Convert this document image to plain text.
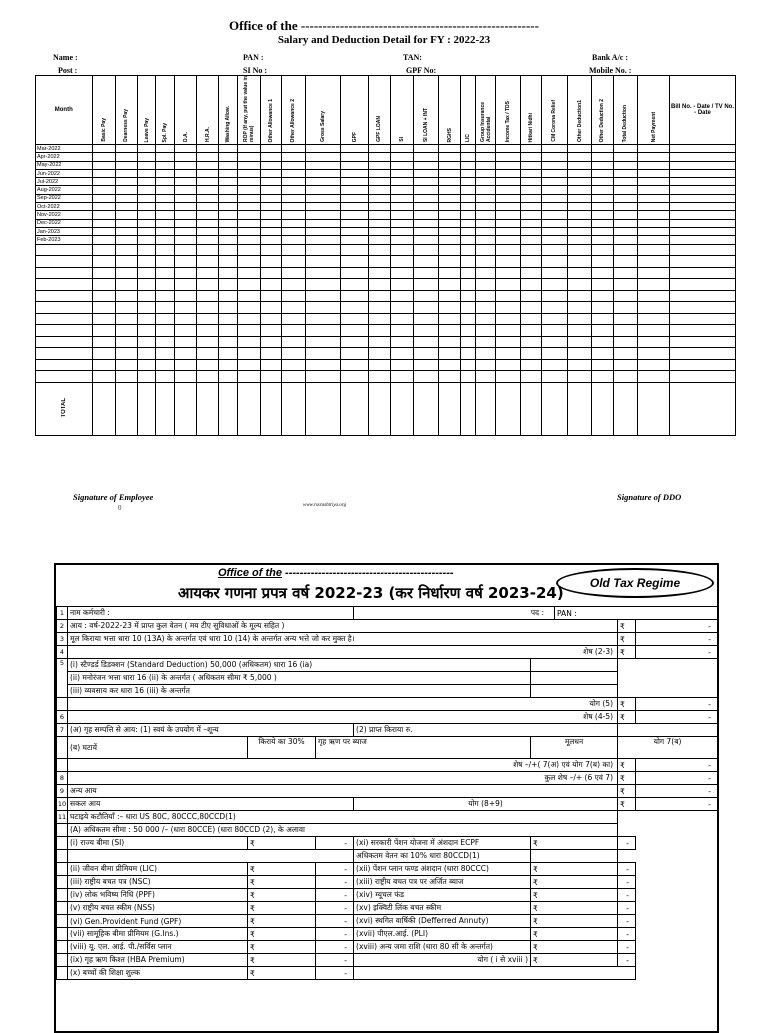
Office of the -------------------------------------------------------
Salary and Deduction Detail for FY : 2022-23
Name :
Post :
PAN :
SI No :
TAN:
GPF No:
Bank A/c :
Mobile No. :
Month	Basic Pay	Dearness Pay	Leave Pay	Spl. Pay	D.A.	H.R.A.	Washing Allow.	ROP (If any, put the value in minus)	Other Allowance 1	Other Allowance 2	Gross Salary	GPF	GPF LOAN	SI	SI LOAN + INT	RGHS	LIC	Group Insurance Accidental	Income Tax / TDS	Hitkari Nidhi	CM Corona Relief	Other Deduction1	Other Deduction 2	Total Deduction	Net Payment	Bill No. - Date / TV No. - Date
Mar-2022																										
Apr-2022																										
May-2022																										
Jun-2022																										
Jul-2022																										
Aug-2022																										
Sep-2022																										
Oct-2022																										
Nov-2022																										
Dec-2022																										
Jan-2023																										
Feb-2023																										

TOTAL																										
Signature of Employee
0	www.rssrashtriya.org
Signature of DDO
Office of the ----------------------------------------------
आयकर गणना प्रपत्र वर्ष 2022-23 (कर निर्धारण वर्ष 2023-24)
Old Tax Regime
1	नाम कर्मचारी :			पद :		PAN :		
2	आय : वर्ष-2022-23 में प्राप्त कुल वेतन ( मय टीए सुविधाओं के मूल्य सहित )						₹	-
3	मूल किराया भत्ता धारा 10 (13A) के अन्तर्गत एवं धारा 10 (14) के अन्तर्गत अन्य भत्ते जो कर मुक्त है।						₹	-
4	शेष (2-3)						₹	-
5	(i) स्टैण्डर्ड डिडक्शन (Standard Deduction) 50,000 (अधिकतम) धारा 16 (ia)							
	(ii) मनोरंजन भत्ता धारा 16 (ii) के अन्तर्गत ( अधिकतम सीमा ₹ 5,000 )							
	(iii) व्यवसाय कर धारा 16 (iii) के अन्तर्गत							
	योग (5)						₹	-
6	शेष (4-5)						₹	-
7	(अ) गृह सम्पत्ति से आय: (1) स्वयं के उपयोग में –शून्य			(2) प्राप्त किराया रु.				
	(ब) घटायें	किराये का 30%	गृह ऋण पर ब्याज		मूलधन		योग 7(ब)	
	शेष –/+( 7(अ) एवं योग 7(ब) का)						₹	-
8	कुल शेष –/+ (6 एवं 7)						₹	-
9	अन्य आय						₹	-
10	सकल आय			योग (8+9)			₹	-
11	घटाइये कटौतियाँ :– धारा US 80C, 80CCC,80CCD(1)							
	(A) अधिकतम सीमा : 50 000 /– (धारा 80CCE) (धारा 80CCD (2), के अलावा							
	(i) राज्य बीमा (SI)	₹	-	(xi) सरकारी पेंशन योजना में अंशदान ECPF	₹		-	
				अधिकतम वेतन का 10% धारा 80CCD(1)				
	(ii) जीवन बीमा प्रीमियम (LIC)	₹	-	(xii) पेंशन प्लान फण्ड अंशदान (धारा 80CCC)	₹		-	
	(iii) राष्ट्रीय बचत पत्र (NSC)	₹	-	(xiii) राष्ट्रीय बचत पत्र पर अर्जित ब्याज	₹		-	
	(iv) लोक भविष्य निधि (PPF)	₹	-	(xiv) म्यूचल फंड	₹		-	
	(v) राष्ट्रीय बचत स्कीम (NSS)	₹	-	(xv) इक्विटी लिंक बचत स्कीम	₹		-	
	(vi) Gen.Provident Fund (GPF)	₹	-	(xvi) स्थगित वार्षिकी (Defferred Annuty)	₹		-	
	(vii) सामूहिक बीमा प्रीमियम (G.Ins.)	₹	-	(xvii) पीएल.आई. (PLI)	₹		-	
	(viii) यू. एल. आई. पी./सर्विस प्लान	₹	-	(xviii) अन्य जमा राशि (धारा 80 सी के अन्तर्गत)	₹		-	
	(ix) गृह ऋण किश्त (HBA Premium)	₹	-	योग ( i से xviii )	₹		-	
	(x) बच्चों की शिक्षा शुल्क	₹	-					
